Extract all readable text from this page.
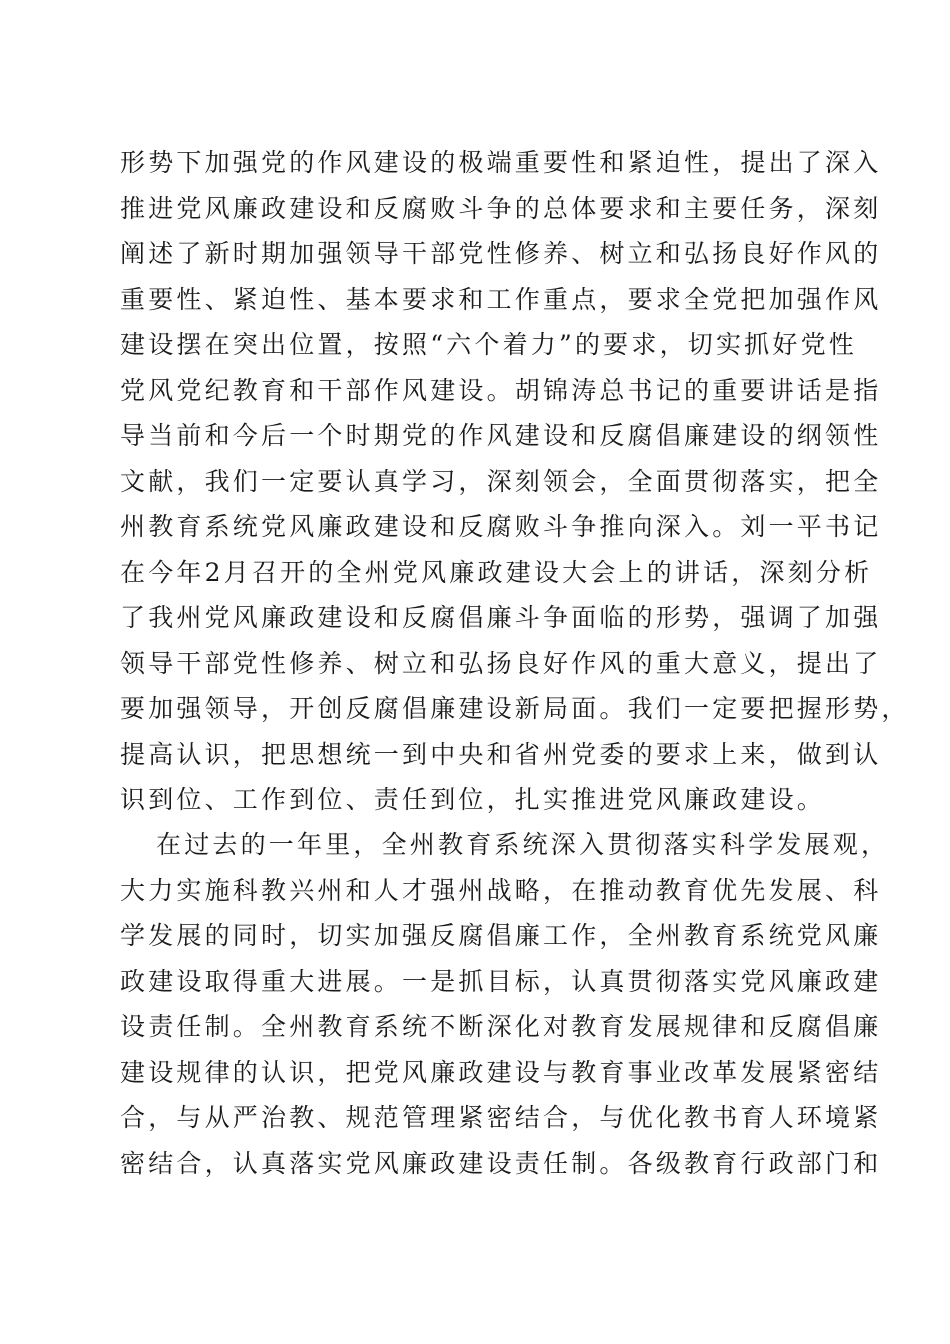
形势下加强党的作风建设的极端重要性和紧迫性，提出了深入
推进党风廉政建设和反腐败斗争的总体要求和主要任务，深刻
阐述了新时期加强领导干部党性修养、树立和弘扬良好作风的
重要性、紧迫性、基本要求和工作重点，要求全党把加强作风
建设摆在突出位置，按照“六个着力”的要求，切实抓好党性
党风党纪教育和干部作风建设。胡锦涛总书记的重要讲话是指
导当前和今后一个时期党的作风建设和反腐倡廉建设的纲领性
文献，我们一定要认真学习，深刻领会，全面贯彻落实，把全
州教育系统党风廉政建设和反腐败斗争推向深入。刘一平书记
在今年2月召开的全州党风廉政建设大会上的讲话，深刻分析
了我州党风廉政建设和反腐倡廉斗争面临的形势，强调了加强
领导干部党性修养、树立和弘扬良好作风的重大意义，提出了
要加强领导，开创反腐倡廉建设新局面。我们一定要把握形势，
提高认识，把思想统一到中央和省州党委的要求上来，做到认
识到位、工作到位、责任到位，扎实推进党风廉政建设。
在过去的一年里，全州教育系统深入贯彻落实科学发展观，
大力实施科教兴州和人才强州战略，在推动教育优先发展、科
学发展的同时，切实加强反腐倡廉工作，全州教育系统党风廉
政建设取得重大进展。一是抓目标，认真贯彻落实党风廉政建
设责任制。全州教育系统不断深化对教育发展规律和反腐倡廉
建设规律的认识，把党风廉政建设与教育事业改革发展紧密结
合，与从严治教、规范管理紧密结合，与优化教书育人环境紧
密结合，认真落实党风廉政建设责任制。各级教育行政部门和
